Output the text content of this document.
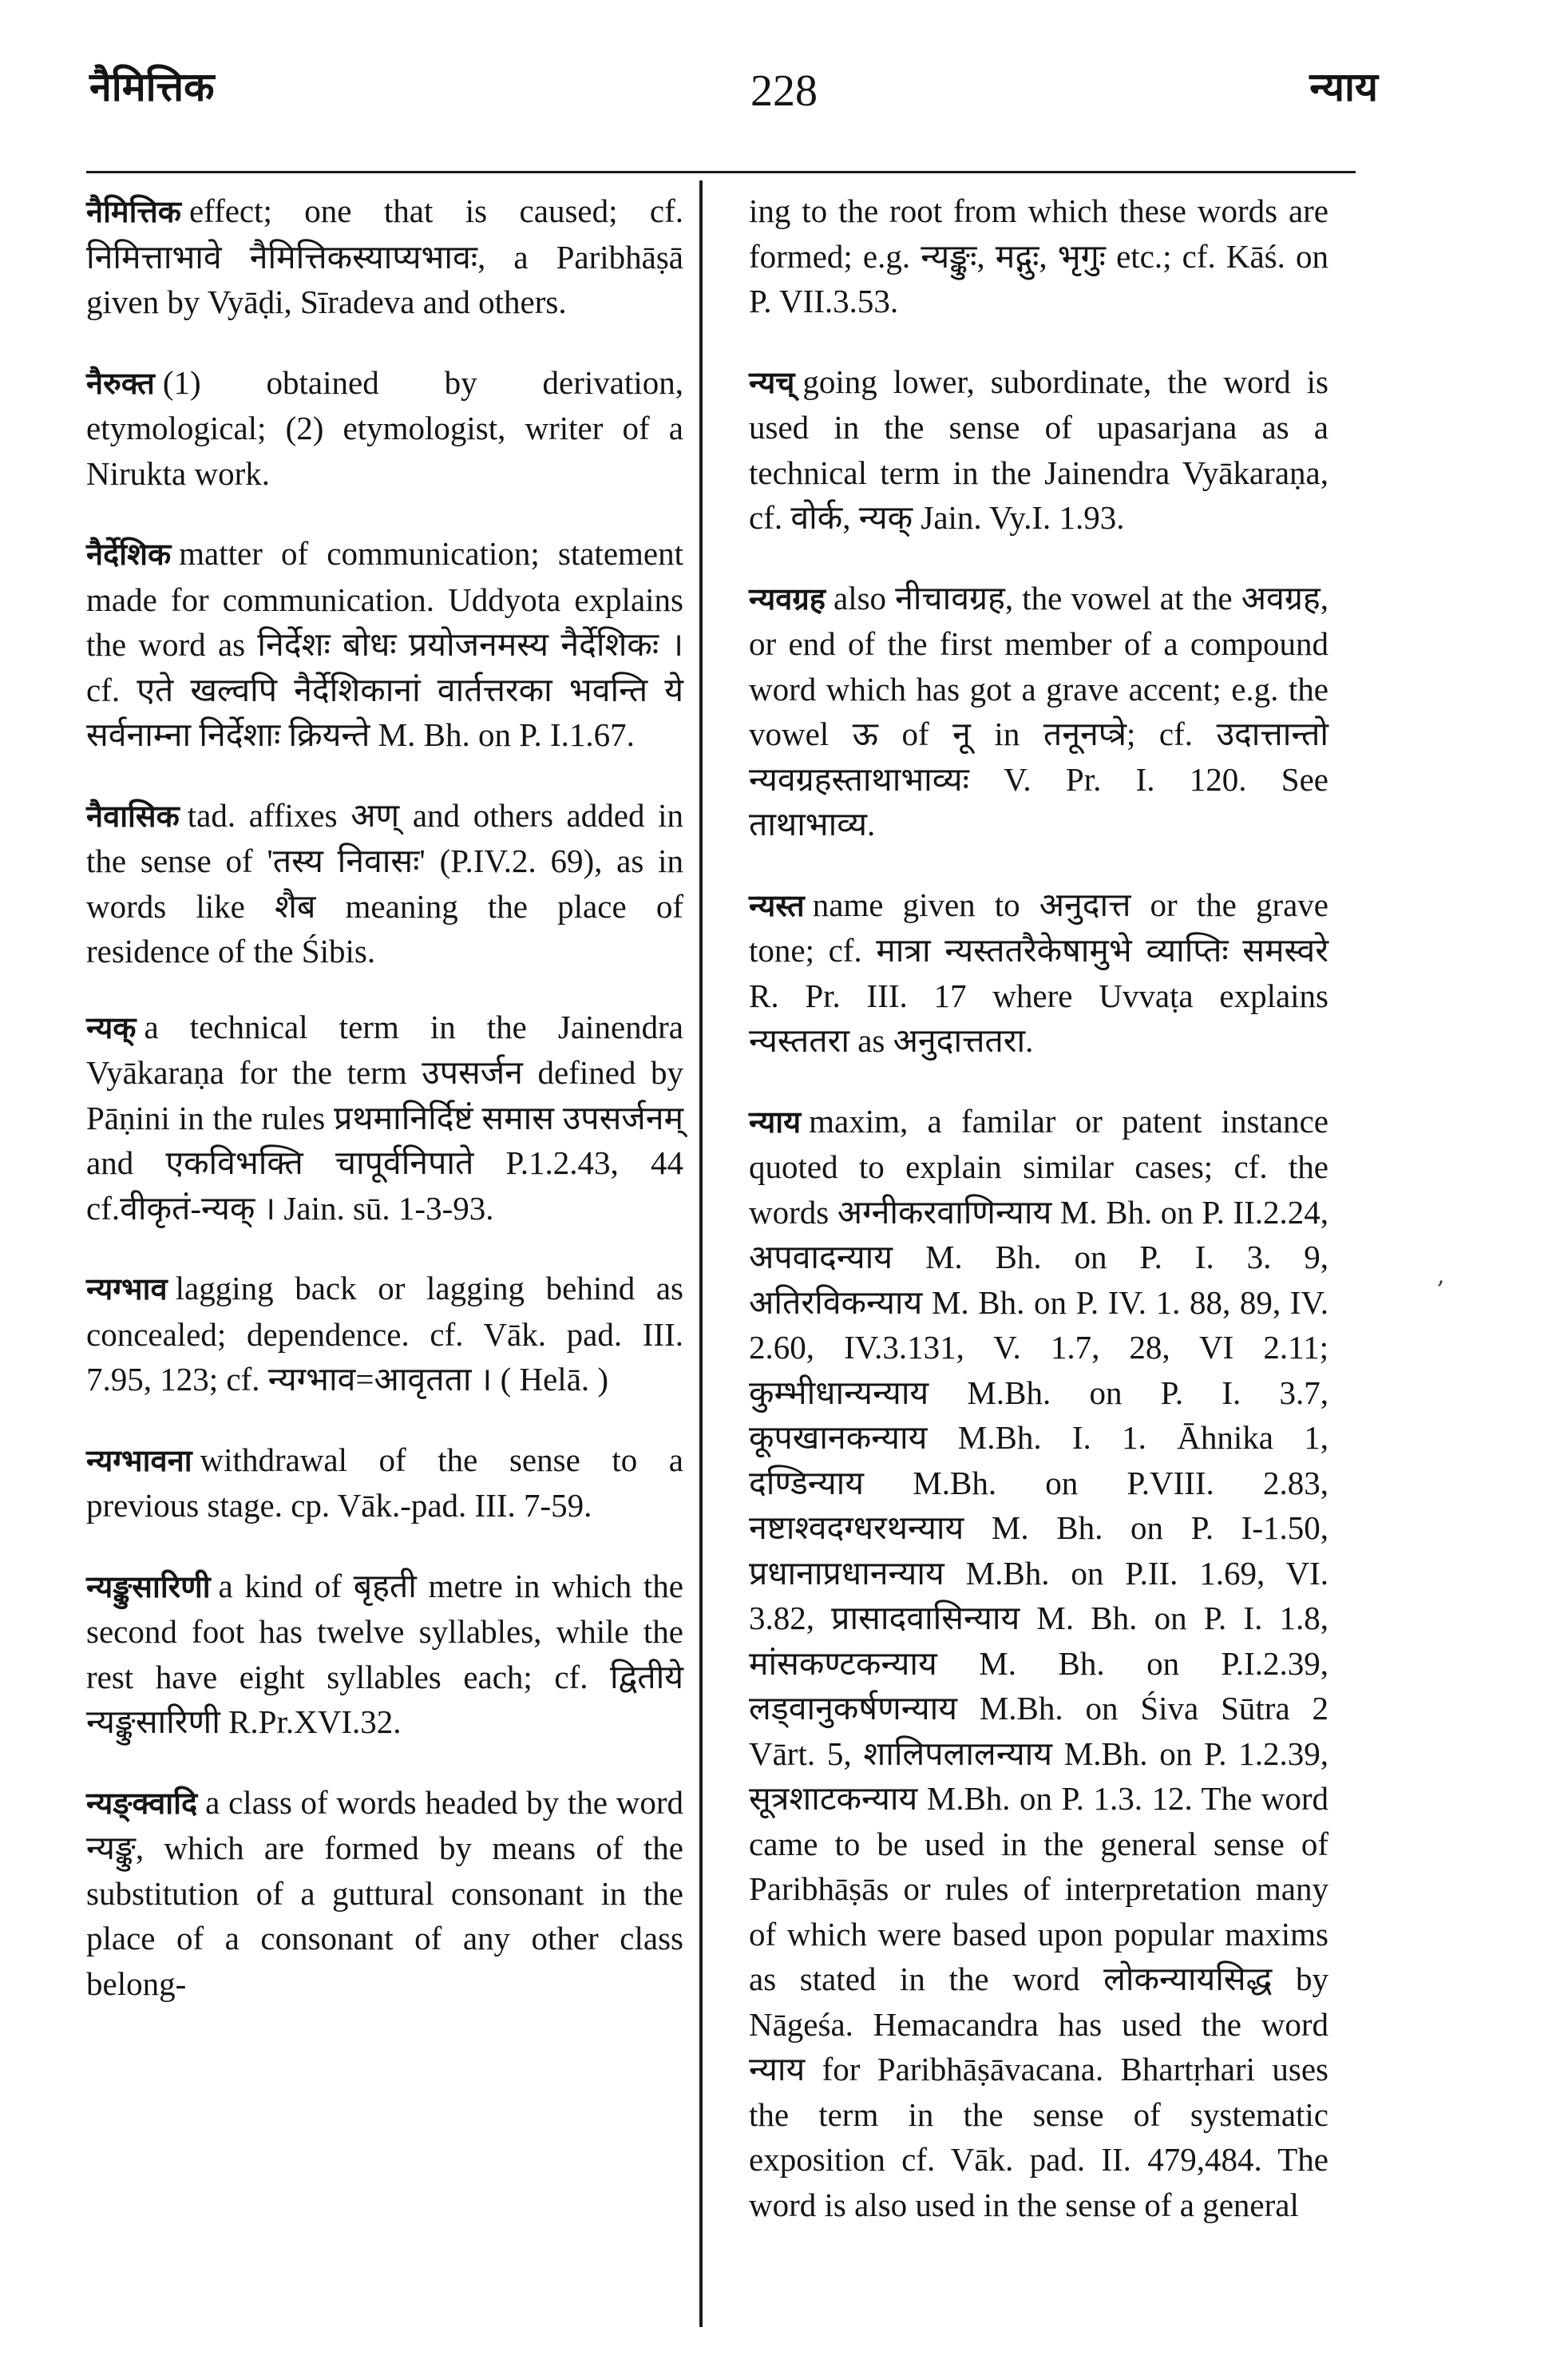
नैमित्तिक	228	न्याय
,
नैमित्तिक effect; one that is caused; cf. निमित्ताभावे नैमित्तिकस्याप्यभावः, a Paribhāṣā given by Vyāḍi, Sīradeva and others.
नैरुक्त (1) obtained by derivation, etymological; (2) etymologist, writer of a Nirukta work.
नैर्देशिक matter of communication; statement made for communication. Uddyota explains the word as निर्देशः बोधः प्रयोजनमस्य नैर्देशिकः । cf. एते खल्वपि नैर्देशिकानां वार्तत्तरका भवन्ति ये सर्वनाम्ना निर्देशाः क्रियन्ते M. Bh. on P. I.1.67.
नैवासिक tad. affixes अण् and others added in the sense of 'तस्य निवासः' (P.IV.2. 69), as in words like शैब meaning the place of residence of the Śibis.
न्यक् a technical term in the Jainendra Vyākaraṇa for the term उपसर्जन defined by Pāṇini in the rules प्रथमानिर्दिष्टं समास उपसर्जनम् and एकविभक्ति चापूर्वनिपाते P.1.2.43, 44 cf.वीकृतं-न्यक् । Jain. sū. 1-3-93.
न्यग्भाव lagging back or lagging behind as concealed; dependence. cf. Vāk. pad. III. 7.95, 123; cf. न्यग्भाव=आवृतता । ( Helā. )
न्यग्भावना withdrawal of the sense to a previous stage. cp. Vāk.-pad. III. 7-59.
न्यङ्कुसारिणी a kind of बृहती metre in which the second foot has twelve syllables, while the rest have eight syllables each; cf. द्वितीये न्यङ्कुसारिणी R.Pr.XVI.32.
न्यङ्क्वादि a class of words headed by the word न्यङ्कु, which are formed by means of the substitution of a guttural consonant in the place of a consonant of any other class belong-
ing to the root from which these words are formed; e.g. न्यङ्कुः, मद्गुः, भृगुः etc.; cf. Kāś. on P. VII.3.53.
न्यच् going lower, subordinate, the word is used in the sense of upasarjana as a technical term in the Jainendra Vyākaraṇa, cf. वोर्क, न्यक् Jain. Vy.I. 1.93.
न्यवग्रह also नीचावग्रह, the vowel at the अवग्रह, or end of the first member of a compound word which has got a grave accent; e.g. the vowel ऊ of नू in तनूनप्त्रे; cf. उदात्तान्तो न्यवग्रहस्ताथाभाव्यः V. Pr. I. 120. See ताथाभाव्य.
न्यस्त name given to अनुदात्त or the grave tone; cf. मात्रा न्यस्ततरैकेषामुभे व्याप्तिः समस्वरे R. Pr. III. 17 where Uvvaṭa explains न्यस्ततरा as अनुदात्ततरा.
न्याय maxim, a familar or patent instance quoted to explain similar cases; cf. the words अग्नीकरवाणिन्याय M. Bh. on P. II.2.24, अपवादन्याय M. Bh. on P. I. 3. 9, अतिरविकन्याय M. Bh. on P. IV. 1. 88, 89, IV. 2.60, IV.3.131, V. 1.7, 28, VI 2.11; कुम्भीधान्यन्याय M.Bh. on P. I. 3.7, कूपखानकन्याय M.Bh. I. 1. Āhnika 1, दण्डिन्याय M.Bh. on P.VIII. 2.83, नष्टाश्वदग्धरथन्याय M. Bh. on P. I-1.50, प्रधानाप्रधानन्याय M.Bh. on P.II. 1.69, VI. 3.82, प्रासादवासिन्याय M. Bh. on P. I. 1.8, मांसकण्टकन्याय M. Bh. on P.I.2.39, लड्वानुकर्षणन्याय M.Bh. on Śiva Sūtra 2 Vārt. 5, शालिपलालन्याय M.Bh. on P. 1.2.39, सूत्रशाटकन्याय M.Bh. on P. 1.3. 12. The word came to be used in the general sense of Paribhāṣās or rules of interpretation many of which were based upon popular maxims as stated in the word लोकन्यायसिद्ध by Nāgeśa. Hemacandra has used the word न्याय for Paribhāṣāvacana. Bhartṛhari uses the term in the sense of systematic exposition cf. Vāk. pad. II. 479,484. The word is also used in the sense of a general
